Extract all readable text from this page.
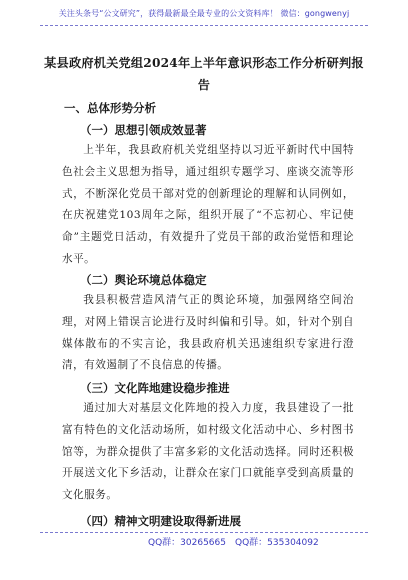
关注头条号“公文研究”，获得最新最全最专业的公文资料库！ 微信：gongwenyj
某县政府机关党组2024年上半年意识形态工作分析研判报告
一、总体形势分析
（一）思想引领成效显著
上半年，我县政府机关党组坚持以习近平新时代中国特色社会主义思想为指导，通过组织专题学习、座谈交流等形式，不断深化党员干部对党的创新理论的理解和认同例如，在庆祝建党103周年之际，组织开展了“不忘初心、牢记使命”主题党日活动，有效提升了党员干部的政治觉悟和理论水平。
（二）舆论环境总体稳定
我县积极营造风清气正的舆论环境，加强网络空间治理，对网上错误言论进行及时纠偏和引导。如，针对个别自媒体散布的不实言论，我县政府机关迅速组织专家进行澄清，有效遏制了不良信息的传播。
（三）文化阵地建设稳步推进
通过加大对基层文化阵地的投入力度，我县建设了一批富有特色的文化活动场所，如村级文化活动中心、乡村图书馆等，为群众提供了丰富多彩的文化活动选择。同时还积极开展送文化下乡活动，让群众在家门口就能享受到高质量的文化服务。
（四）精神文明建设取得新进展
QQ群：30265665 QQ群：535304092
